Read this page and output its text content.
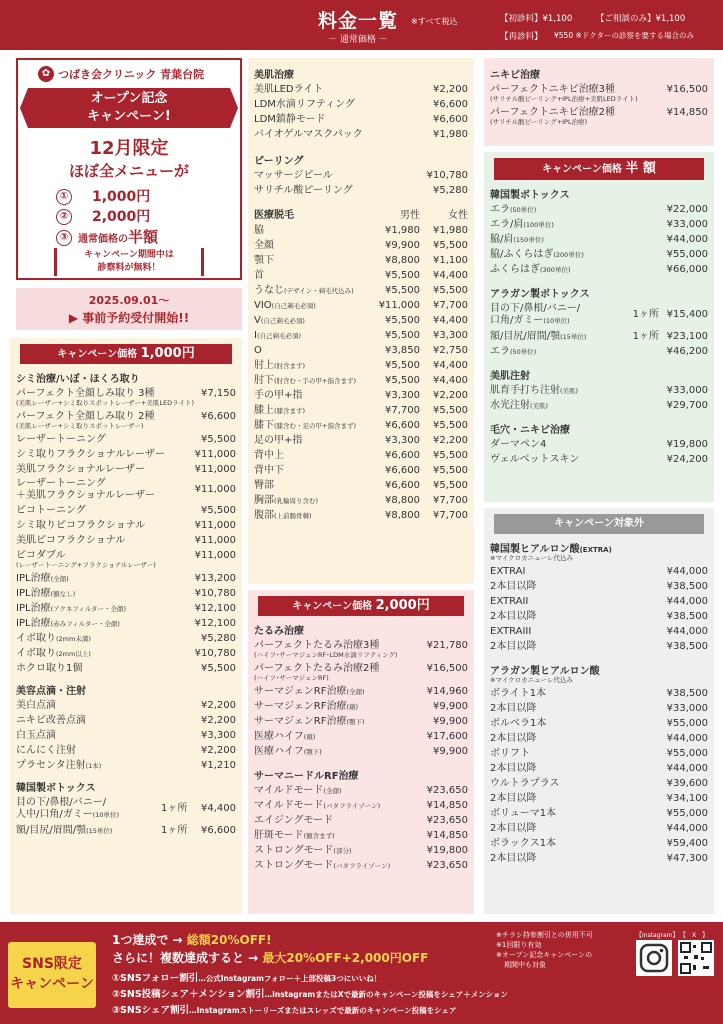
料金一覧 ※すべて税込
－ 通常価格 －
【初診料】¥1,100	【ご相談のみ】¥1,100
【再診料】 ¥550 ※ドクターの診察を要する場合のみ
✿ つばき会クリニック 青葉台院
オープン記念
キャンペーン!
12月限定
ほぼ全メニューが
① 1,000円
② 2,000円
③ 通常価格の半額
キャンペーン期間中は
診察料が無料！
2025.09.01～
▶ 事前予約受付開始!!
キャンペーン価格 1,000円
シミ治療/いぼ・ほくろ取り
パーフェクト全顔しみ取り 3種	¥7,150
(美肌レーザー+シミ取りスポットレーザー+美肌LEDライト)
パーフェクト全顔しみ取り 2種	¥6,600
(美肌レーザー+シミ取りスポットレーザー)
レーザートーニング	¥5,500
シミ取りフラクショナルレーザー	¥11,000
美肌フラクショナルレーザー	¥11,000
レーザートーニング
＋美肌フラクショナルレーザー
¥11,000
ピコトーニング	¥5,500
シミ取りピコフラクショナル	¥11,000
美肌ピコフラクショナル	¥11,000
ピコダブル	¥11,000
(レーザートーニング+フラクショナルレーザー)
IPL治療(全顔)	¥13,200
IPL治療(額なし)	¥10,780
IPL治療(アクネフィルター・全顔)	¥12,100
IPL治療(赤みフィルター・全顔)	¥12,100
イボ取り(2mm未満)	¥5,280
イボ取り(2mm以上)	¥10,780
ホクロ取り1個	¥5,500
美容点滴・注射
美白点滴	¥2,200
ニキビ改善点滴	¥2,200
白玉点滴	¥3,300
にんにく注射	¥2,200
プラセンタ注射(1本)	¥1,210
韓国製ボトックス
目の下/鼻根/バニー/
人中/口角/ガミー(10単位)
1ヶ所	¥4,400
額/目尻/眉間/顎(15単位)	1ヶ所	¥6,600
美肌治療
美肌LEDライト	¥2,200
LDM水滴リフティング	¥6,600
LDM鎮静モード	¥6,600
バイオゲルマスクパック	¥1,980
ピーリング
マッサージピール	¥10,780
サリチル酸ピーリング	¥5,280
医療脱毛	男性	女性
脇	¥1,980	¥1,980
全顔	¥9,900	¥5,500
顎下	¥8,800	¥1,100
首	¥5,500	¥4,400
うなじ(デザイン・剃毛代込み)	¥5,500	¥5,500
VIO(自己剃毛必須)	¥11,000	¥7,700
V(自己剃毛必須)	¥5,500	¥4,400
I(自己剃毛必須)	¥5,500	¥3,300
O	¥3,850	¥2,750
肘上(肘含まず)	¥5,500	¥4,400
肘下(肘含む・手の甲+指含まず)	¥5,500	¥4,400
手の甲+指	¥3,300	¥2,200
膝上(膝含まず)	¥7,700	¥5,500
膝下(膝含む・足の甲+指含まず)	¥6,600	¥5,500
足の甲+指	¥3,300	¥2,200
背中上	¥6,600	¥5,500
背中下	¥6,600	¥5,500
臀部	¥6,600	¥5,500
胸部(乳輪周り含む)	¥8,800	¥7,700
腹部(上前腸骨棘)	¥8,800	¥7,700
キャンペーン価格 2,000円
たるみ治療
パーフェクトたるみ治療3種	¥21,780
(ハイフ･サーマジェンRF･LDM水滴リフティング)
パーフェクトたるみ治療2種	¥16,500
(ハイフ･サーマジェンRF)
サーマジェンRF治療(全顔)	¥14,960
サーマジェンRF治療(頬)	¥9,900
サーマジェンRF治療(顎下)	¥9,900
医療ハイフ(頬)	¥17,600
医療ハイフ(顎下)	¥9,900
サーマニードルRF治療
マイルドモード(全顔)	¥23,650
マイルドモード(バタフライゾーン)	¥14,850
エイジングモード	¥23,650
肝斑モード(額含まず)	¥14,850
ストロングモード(部分)	¥19,800
ストロングモード(バタフライゾーン)	¥23,650
ニキビ治療
パーフェクトニキビ治療3種	¥16,500
(サリチル酸ピーリング+IPL治療+美肌LEDライト)
パーフェクトニキビ治療2種	¥14,850
(サリチル酸ピーリング+IPL治療)
キャンペーン価格 半 額
韓国製ボトックス
エラ(50単位)	¥22,000
エラ/肩(100単位)	¥33,000
脇/肩(150単位)	¥44,000
脇/ふくらはぎ(200単位)	¥55,000
ふくらはぎ(300単位)	¥66,000
アラガン製ボトックス
目の下/鼻根/バニー/
口角/ガミー(10単位)
1ヶ所 ¥15,400
額/目尻/眉間/顎(15単位)	1ヶ所 ¥23,100
エラ(50単位)	¥46,200
美肌注射
肌育手打ち注射(美肌)	¥33,000
水光注射(美肌)	¥29,700
毛穴・ニキビ治療
ダーマペン4	¥19,800
ヴェルベットスキン	¥24,200
キャンペーン対象外
韓国製ヒアルロン酸(EXTRA)
※マイクロカニューレ代込み
EXTRAI	¥44,000
2本目以降	¥38,500
EXTRAII	¥44,000
2本目以降	¥38,500
EXTRAIII	¥44,000
2本目以降	¥38,500
アラガン製ヒアルロン酸
※マイクロカニューレ代込み
ボライト1本	¥38,500
2本目以降	¥33,000
ボルベラ1本	¥55,000
2本目以降	¥44,000
ボリフト	¥55,000
2本目以降	¥44,000
ウルトラプラス	¥39,600
2本目以降	¥34,100
ボリューマ1本	¥55,000
2本目以降	¥44,000
ボラックス1本	¥59,400
2本目以降	¥47,300
SNS限定
キャンペーン
1つ達成で → 総額20%OFF!
さらに！複数達成すると → 最大20%OFF+2,000円OFF
①SNSフォロー割引…公式Instagramフォロー＋上部投稿3つにいいね！
②SNS投稿シェア＋メンション割引…InstagramまたはXで最新のキャンペーン投稿をシェア＋メンション
③SNSシェア割引…Instagramストーリーズまたはスレッズで最新のキャンペーン投稿をシェア
※チラシ持参割引との併用不可
※1回限り有効
※オープン記念キャンペーンの
期間中も対象
【Instagram】 【　X　】
